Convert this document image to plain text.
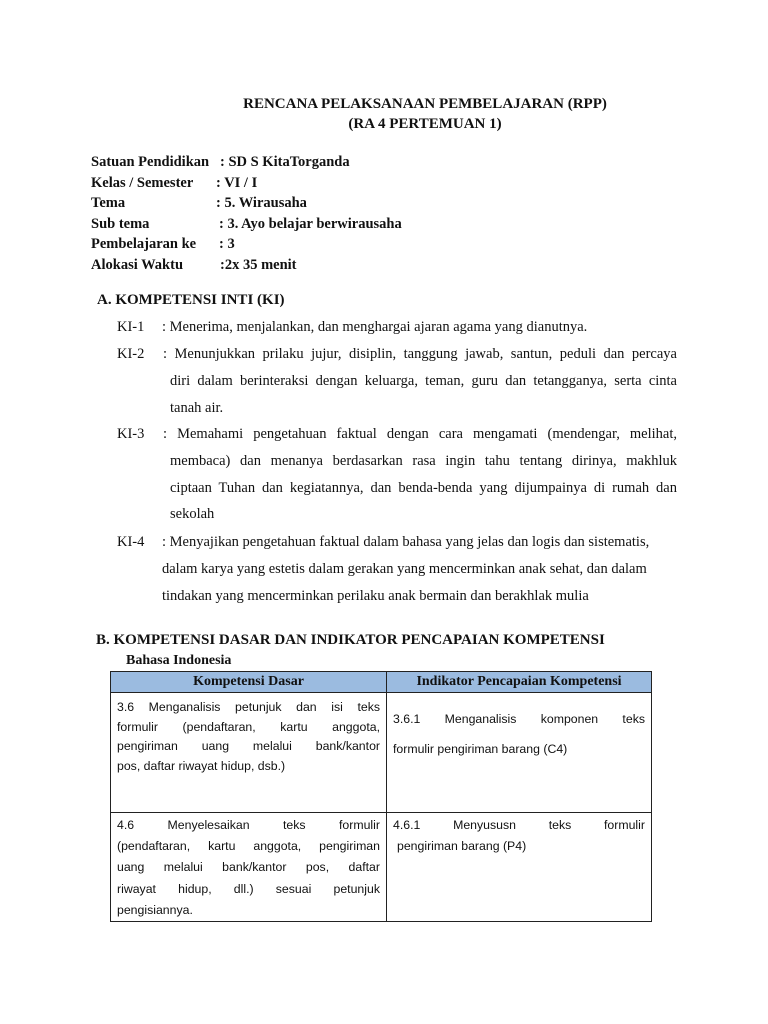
RENCANA PELAKSANAAN PEMBELAJARAN (RPP)
(RA 4 PERTEMUAN 1)
Satuan Pendidikan : SD S KitaTorganda
Kelas / Semester : VI / I
Tema	: 5. Wirausaha
Sub tema	: 3. Ayo belajar berwirausaha
Pembelajaran ke : 3
Alokasi Waktu	:2x 35 menit
A. KOMPETENSI INTI (KI)
KI-1 : Menerima, menjalankan, dan menghargai ajaran agama yang dianutnya.
KI-2 : Menunjukkan prilaku jujur, disiplin, tanggung jawab, santun, peduli dan percaya
diri dalam berinteraksi dengan keluarga, teman, guru dan tetangganya, serta cinta
tanah air.
KI-3 : Memahami pengetahuan faktual dengan cara mengamati (mendengar, melihat,
membaca) dan menanya berdasarkan rasa ingin tahu tentang dirinya, makhluk
ciptaan Tuhan dan kegiatannya, dan benda-benda yang dijumpainya di rumah dan
sekolah
KI-4 : Menyajikan pengetahuan faktual dalam bahasa yang jelas dan logis dan sistematis,
dalam karya yang estetis dalam gerakan yang mencerminkan anak sehat, dan dalam
tindakan yang mencerminkan perilaku anak bermain dan berakhlak mulia
B. KOMPETENSI DASAR DAN INDIKATOR PENCAPAIAN KOMPETENSI
Bahasa Indonesia
Kompetensi Dasar	Indikator Pencapaian Kompetensi

3.6 Menganalisis petunjuk dan isi teks
formulir (pendaftaran, kartu anggota,
pengiriman uang melalui bank/kantor
pos, daftar riwayat hidup, dsb.)	3.6.1 Menganalisis komponen teks
formulir pengiriman barang (C4)

4.6 Menyelesaikan teks formulir
(pendaftaran, kartu anggota, pengiriman
uang melalui bank/kantor pos, daftar
riwayat hidup, dll.) sesuai petunjuk
pengisiannya.	4.6.1 Menyususn teks formulir
pengiriman barang (P4)
